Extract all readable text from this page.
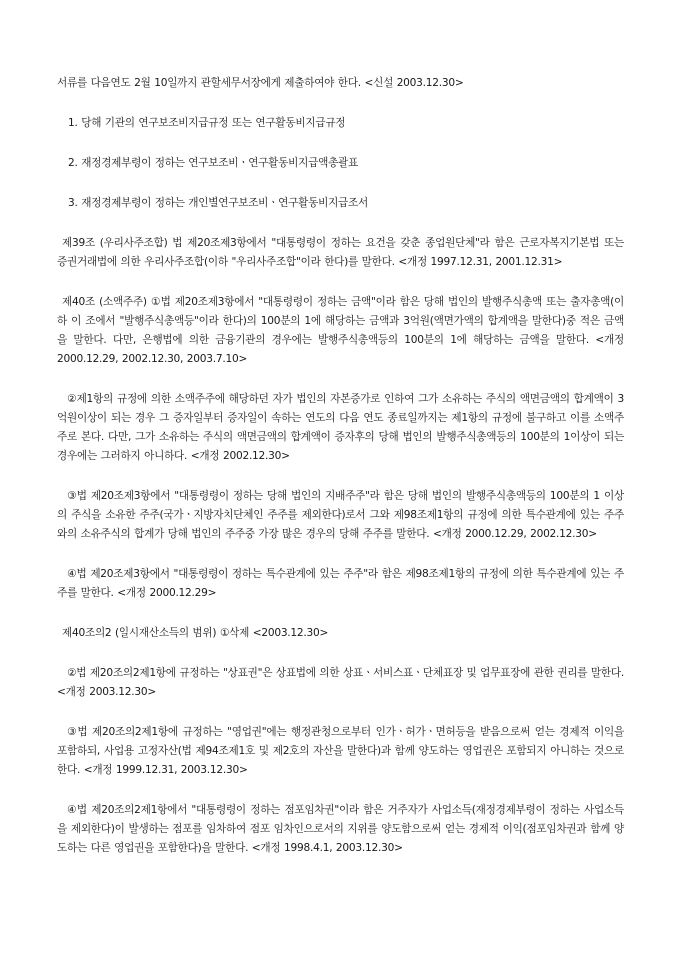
서류를 다음연도 2월 10일까지 관할세무서장에게 제출하여야 한다. <신설 2003.12.30>

1. 당해 기관의 연구보조비지급규정 또는 연구활동비지급규정

2. 재정경제부령이 정하는 연구보조비ㆍ연구활동비지급액총괄표

3. 재정경제부령이 정하는 개인별연구보조비ㆍ연구활동비지급조서

제39조 (우리사주조합) 법 제20조제3항에서 "대통령령이 정하는 요건을 갖춘 종업원단체"라 함은 근로자복지기본법 또는 증권거래법에 의한 우리사주조합(이하 "우리사주조합"이라 한다)를 말한다. <개정 1997.12.31, 2001.12.31>

제40조 (소액주주) ①법 제20조제3항에서 "대통령령이 정하는 금액"이라 함은 당해 법인의 발행주식총액 또는 출자총액(이하 이 조에서 "발행주식총액등"이라 한다)의 100분의 1에 해당하는 금액과 3억원(액면가액의 합계액을 말한다)중 적은 금액을 말한다. 다만, 은행법에 의한 금융기관의 경우에는 발행주식총액등의 100분의 1에 해당하는 금액을 말한다. <개정 2000.12.29, 2002.12.30, 2003.7.10>

②제1항의 규정에 의한 소액주주에 해당하던 자가 법인의 자본증가로 인하여 그가 소유하는 주식의 액면금액의 합계액이 3억원이상이 되는 경우 그 증자일부터 증자일이 속하는 연도의 다음 연도 종료일까지는 제1항의 규정에 불구하고 이를 소액주주로 본다. 다만, 그가 소유하는 주식의 액면금액의 합계액이 증자후의 당해 법인의 발행주식총액등의 100분의 1이상이 되는 경우에는 그러하지 아니하다. <개정 2002.12.30>

③법 제20조제3항에서 "대통령령이 정하는 당해 법인의 지배주주"라 함은 당해 법인의 발행주식총액등의 100분의 1 이상의 주식을 소유한 주주(국가ㆍ지방자치단체인 주주를 제외한다)로서 그와 제98조제1항의 규정에 의한 특수관계에 있는 주주와의 소유주식의 합계가 당해 법인의 주주중 가장 많은 경우의 당해 주주를 말한다. <개정 2000.12.29, 2002.12.30>

④법 제20조제3항에서 "대통령령이 정하는 특수관계에 있는 주주"라 함은 제98조제1항의 규정에 의한 특수관계에 있는 주주를 말한다. <개정 2000.12.29>

제40조의2 (일시재산소득의 범위) ①삭제 <2003.12.30>

②법 제20조의2제1항에 규정하는 "상표권"은 상표법에 의한 상표ㆍ서비스표ㆍ단체표장 및 업무표장에 관한 권리를 말한다. <개정 2003.12.30>

③법 제20조의2제1항에 규정하는 "영업권"에는 행정관청으로부터 인가ㆍ허가ㆍ면허등을 받음으로써 얻는 경제적 이익을 포함하되, 사업용 고정자산(법 제94조제1호 및 제2호의 자산을 말한다)과 함께 양도하는 영업권은 포함되지 아니하는 것으로 한다. <개정 1999.12.31, 2003.12.30>

④법 제20조의2제1항에서 "대통령령이 정하는 점포임차권"이라 함은 거주자가 사업소득(재정경제부령이 정하는 사업소득을 제외한다)이 발생하는 점포를 임차하여 점포 임차인으로서의 지위를 양도함으로써 얻는 경제적 이익(점포임차권과 함께 양도하는 다른 영업권을 포함한다)을 말한다. <개정 1998.4.1, 2003.12.30>
